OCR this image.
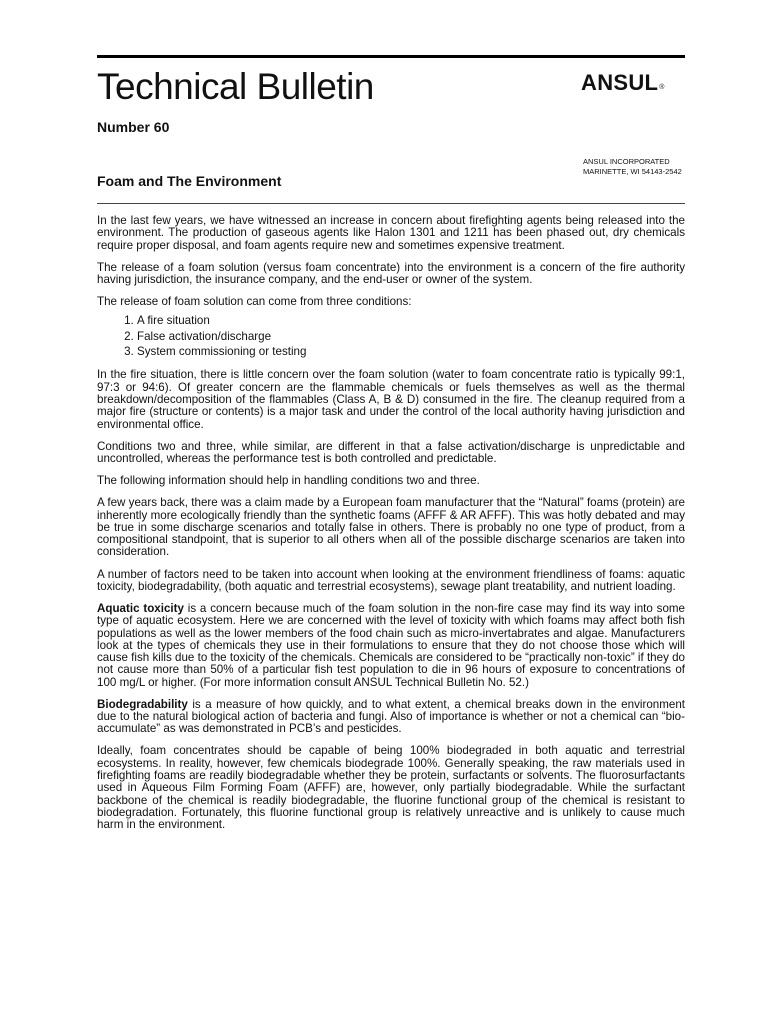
Technical Bulletin	ANSUL®
Number 60
ANSUL INCORPORATED
MARINETTE, WI 54143-2542
Foam and The Environment

In the last few years, we have witnessed an increase in concern about firefighting agents being released into the environment. The production of gaseous agents like Halon 1301 and 1211 has been phased out, dry chemicals require proper disposal, and foam agents require new and sometimes expensive treatment.

The release of a foam solution (versus foam concentrate) into the environment is a concern of the fire authority having jurisdiction, the insurance company, and the end-user or owner of the system.

The release of foam solution can come from three conditions:

1. A fire situation
2. False activation/discharge
3. System commissioning or testing

In the fire situation, there is little concern over the foam solution (water to foam concentrate ratio is typically 99:1, 97:3 or 94:6). Of greater concern are the flammable chemicals or fuels themselves as well as the thermal breakdown/decomposition of the flammables (Class A, B & D) consumed in the fire. The cleanup required from a major fire (structure or contents) is a major task and under the control of the local authority having jurisdiction and environmental office.

Conditions two and three, while similar, are different in that a false activation/discharge is unpredictable and uncontrolled, whereas the performance test is both controlled and predictable.

The following information should help in handling conditions two and three.

A few years back, there was a claim made by a European foam manufacturer that the “Natural” foams (protein) are inherently more ecologically friendly than the synthetic foams (AFFF & AR AFFF). This was hotly debated and may be true in some discharge scenarios and totally false in others. There is probably no one type of product, from a compositional standpoint, that is superior to all others when all of the possible discharge scenarios are taken into consideration.

A number of factors need to be taken into account when looking at the environment friendliness of foams: aquatic toxicity, biodegradability, (both aquatic and terrestrial ecosystems), sewage plant treatability, and nutrient loading.

Aquatic toxicity is a concern because much of the foam solution in the non-fire case may find its way into some type of aquatic ecosystem. Here we are concerned with the level of toxicity with which foams may affect both fish populations as well as the lower members of the food chain such as micro-invertabrates and algae. Manufacturers look at the types of chemicals they use in their formulations to ensure that they do not choose those which will cause fish kills due to the toxicity of the chemicals. Chemicals are considered to be “practically non-toxic” if they do not cause more than 50% of a particular fish test population to die in 96 hours of exposure to concentrations of 100 mg/L or higher. (For more information consult ANSUL Technical Bulletin No. 52.)

Biodegradability is a measure of how quickly, and to what extent, a chemical breaks down in the environment due to the natural biological action of bacteria and fungi. Also of importance is whether or not a chemical can “bio-accumulate” as was demonstrated in PCB’s and pesticides.

Ideally, foam concentrates should be capable of being 100% biodegraded in both aquatic and terrestrial ecosystems. In reality, however, few chemicals biodegrade 100%. Generally speaking, the raw materials used in firefighting foams are readily biodegradable whether they be protein, surfactants or solvents. The fluorosurfactants used in Aqueous Film Forming Foam (AFFF) are, however, only partially biodegradable. While the surfactant backbone of the chemical is readily biodegradable, the fluorine functional group of the chemical is resistant to biodegradation. Fortunately, this fluorine functional group is relatively unreactive and is unlikely to cause much harm in the environment.
